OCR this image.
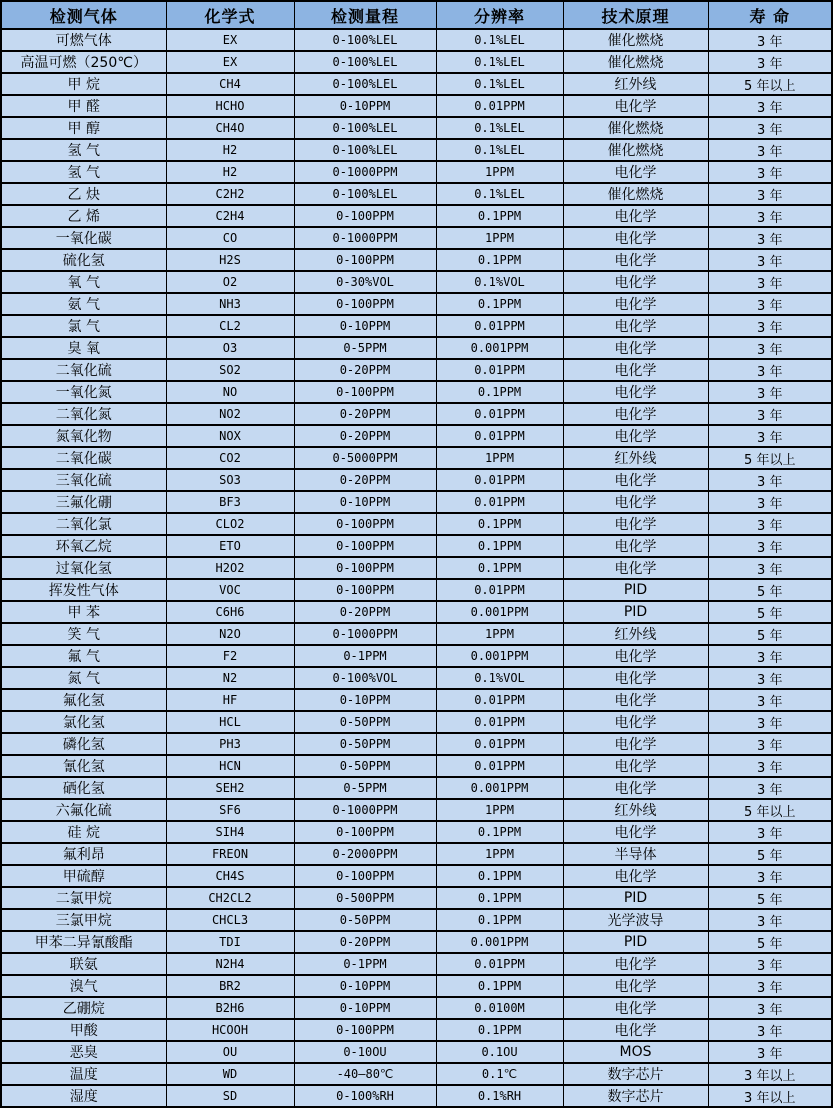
检测气体	化学式	检测量程	分辨率	技术原理	寿 命
可燃气体	EX	0-100%LEL	0.1%LEL	催化燃烧	3 年
高温可燃（250℃）	EX	0-100%LEL	0.1%LEL	催化燃烧	3 年
甲 烷	CH4	0-100%LEL	0.1%LEL	红外线	5 年以上
甲 醛	HCHO	0-10PPM	0.01PPM	电化学	3 年
甲 醇	CH4O	0-100%LEL	0.1%LEL	催化燃烧	3 年
氢 气	H2	0-100%LEL	0.1%LEL	催化燃烧	3 年
氢 气	H2	0-1000PPM	1PPM	电化学	3 年
乙 炔	C2H2	0-100%LEL	0.1%LEL	催化燃烧	3 年
乙 烯	C2H4	0-100PPM	0.1PPM	电化学	3 年
一氧化碳	CO	0-1000PPM	1PPM	电化学	3 年
硫化氢	H2S	0-100PPM	0.1PPM	电化学	3 年
氧 气	O2	0-30%VOL	0.1%VOL	电化学	3 年
氨 气	NH3	0-100PPM	0.1PPM	电化学	3 年
氯 气	CL2	0-10PPM	0.01PPM	电化学	3 年
臭 氧	O3	0-5PPM	0.001PPM	电化学	3 年
二氧化硫	SO2	0-20PPM	0.01PPM	电化学	3 年
一氧化氮	NO	0-100PPM	0.1PPM	电化学	3 年
二氧化氮	NO2	0-20PPM	0.01PPM	电化学	3 年
氮氧化物	NOX	0-20PPM	0.01PPM	电化学	3 年
二氧化碳	CO2	0-5000PPM	1PPM	红外线	5 年以上
三氧化硫	SO3	0-20PPM	0.01PPM	电化学	3 年
三氟化硼	BF3	0-10PPM	0.01PPM	电化学	3 年
二氧化氯	CLO2	0-100PPM	0.1PPM	电化学	3 年
环氧乙烷	ETO	0-100PPM	0.1PPM	电化学	3 年
过氧化氢	H2O2	0-100PPM	0.1PPM	电化学	3 年
挥发性气体	VOC	0-100PPM	0.01PPM	PID	5 年
甲 苯	C6H6	0-20PPM	0.001PPM	PID	5 年
笑 气	N2O	0-1000PPM	1PPM	红外线	5 年
氟 气	F2	0-1PPM	0.001PPM	电化学	3 年
氮 气	N2	0-100%VOL	0.1%VOL	电化学	3 年
氟化氢	HF	0-10PPM	0.01PPM	电化学	3 年
氯化氢	HCL	0-50PPM	0.01PPM	电化学	3 年
磷化氢	PH3	0-50PPM	0.01PPM	电化学	3 年
氰化氢	HCN	0-50PPM	0.01PPM	电化学	3 年
硒化氢	SEH2	0-5PPM	0.001PPM	电化学	3 年
六氟化硫	SF6	0-1000PPM	1PPM	红外线	5 年以上
硅 烷	SIH4	0-100PPM	0.1PPM	电化学	3 年
氟利昂	FREON	0-2000PPM	1PPM	半导体	5 年
甲硫醇	CH4S	0-100PPM	0.1PPM	电化学	3 年
二氯甲烷	CH2CL2	0-500PPM	0.1PPM	PID	5 年
三氯甲烷	CHCL3	0-50PPM	0.1PPM	光学波导	3 年
甲苯二异氰酸酯	TDI	0-20PPM	0.001PPM	PID	5 年
联氨	N2H4	0-1PPM	0.01PPM	电化学	3 年
溴气	BR2	0-10PPM	0.1PPM	电化学	3 年
乙硼烷	B2H6	0-10PPM	0.0100M	电化学	3 年
甲酸	HCOOH	0-100PPM	0.1PPM	电化学	3 年
恶臭	OU	0-10OU	0.1OU	MOS	3 年
温度	WD	-40—80℃	0.1℃	数字芯片	3 年以上
湿度	SD	0-100%RH	0.1%RH	数字芯片	3 年以上
